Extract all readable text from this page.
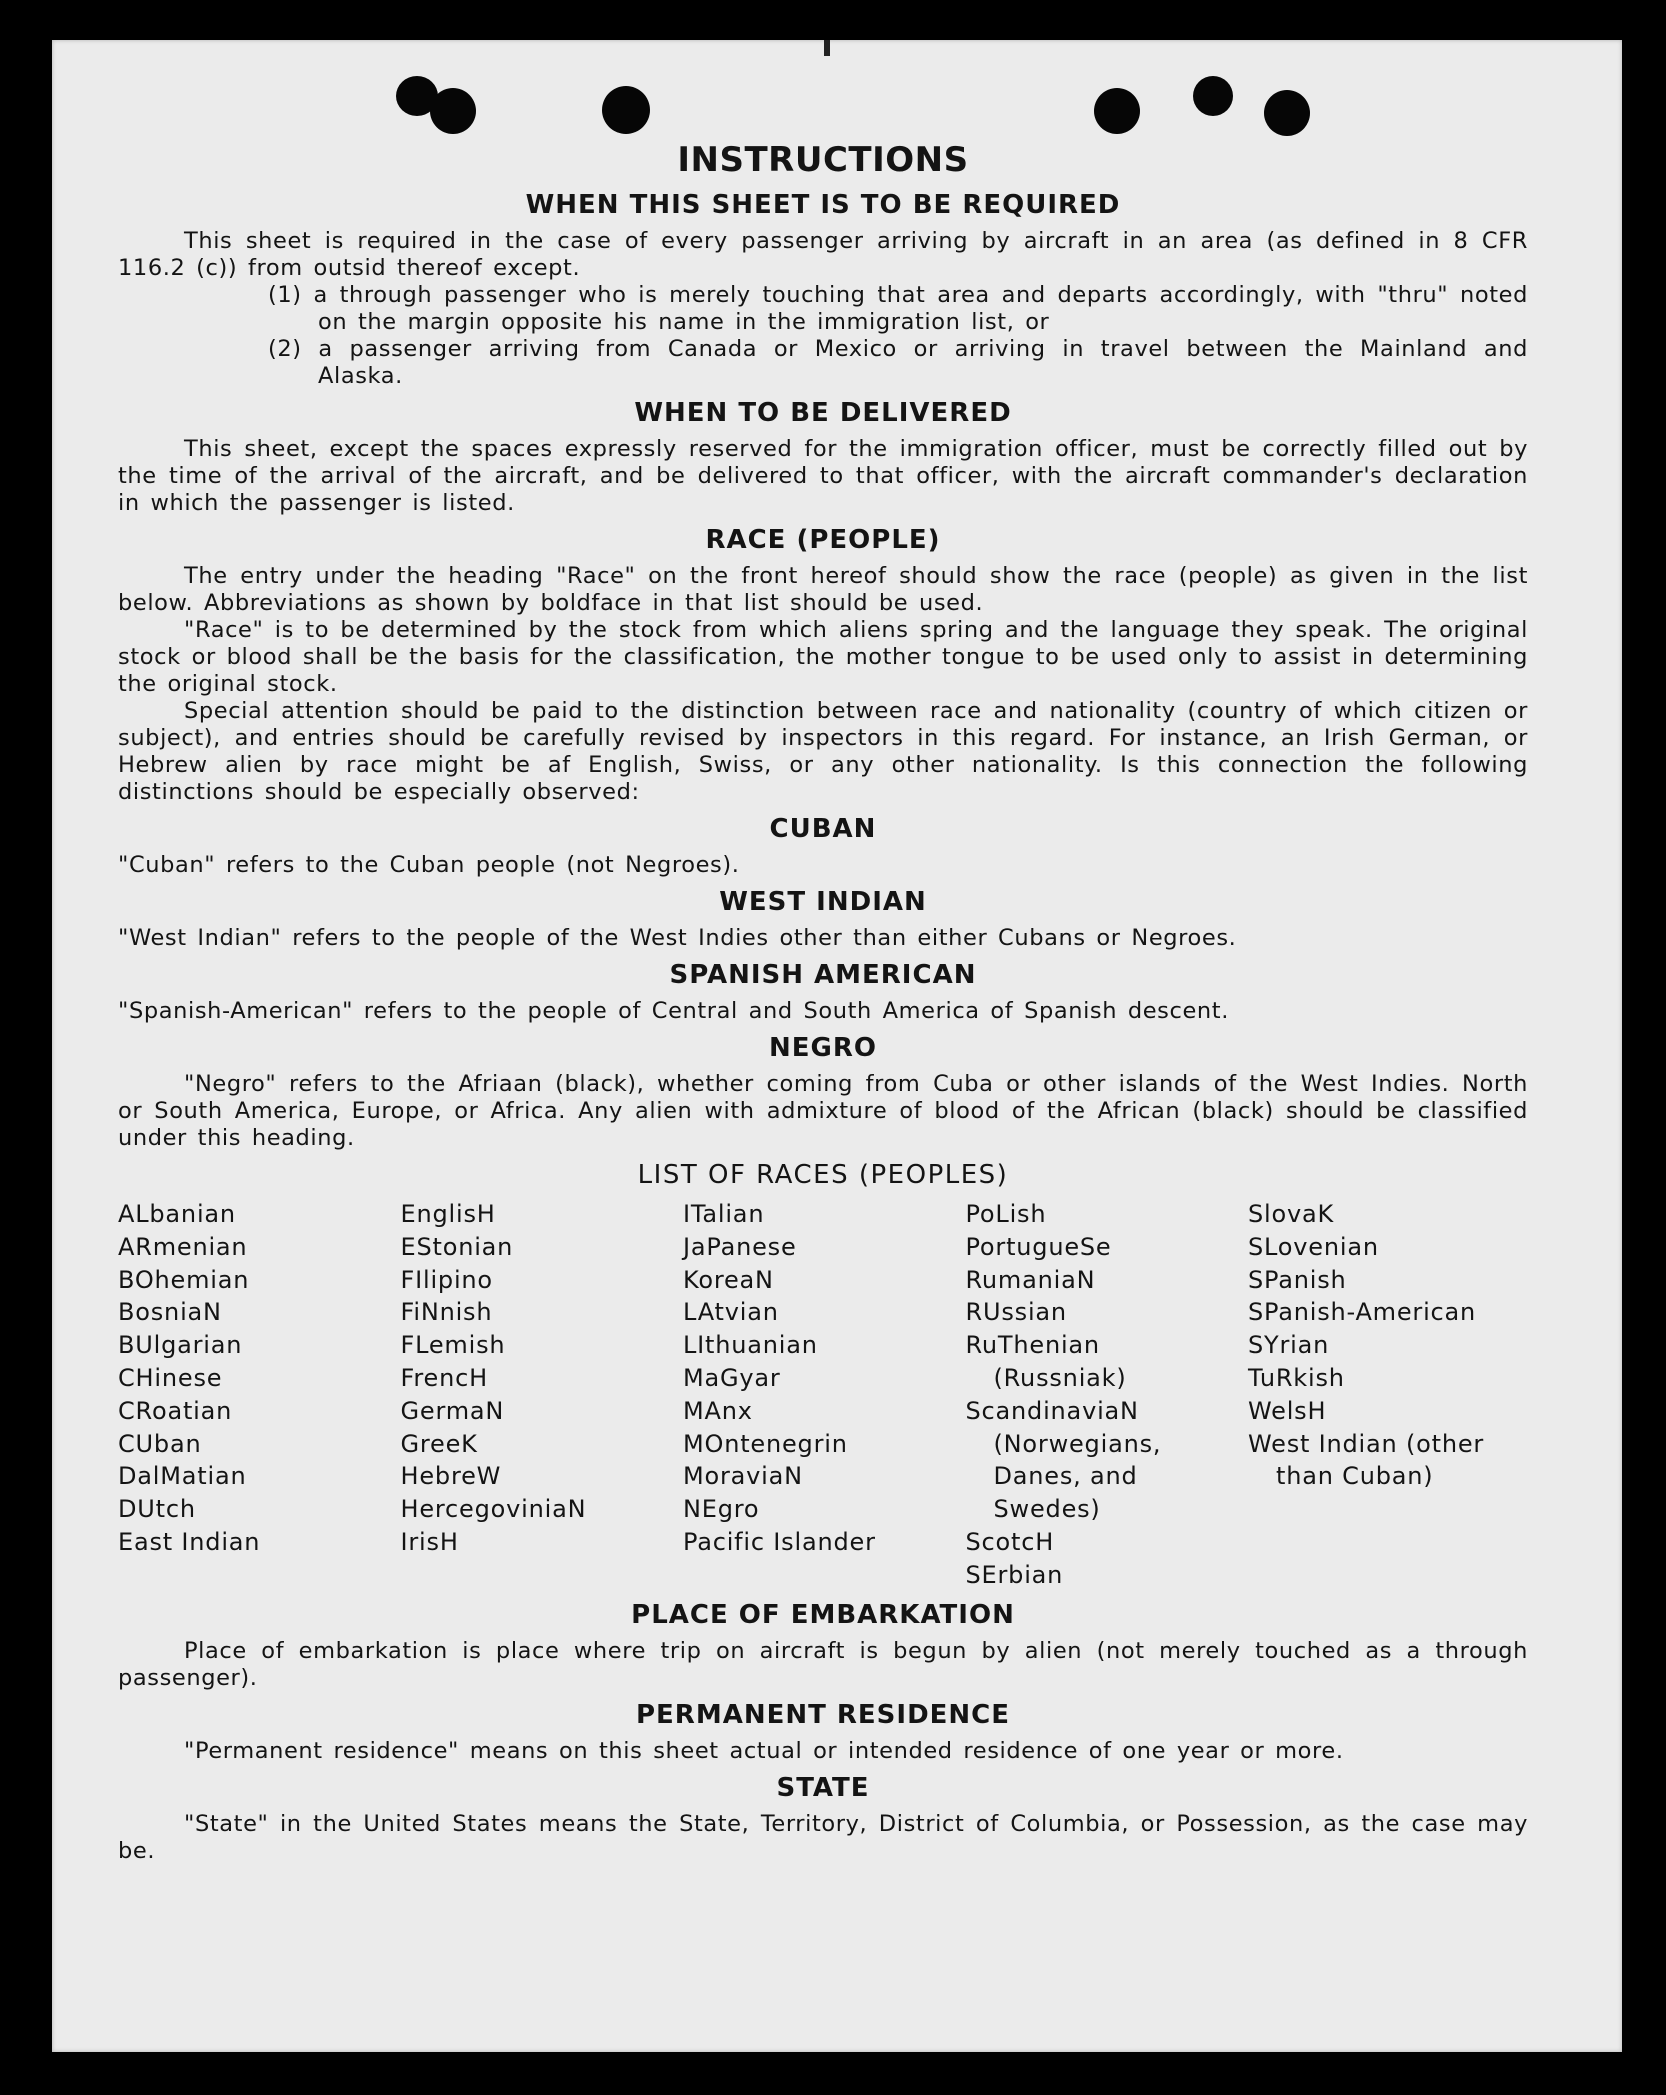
INSTRUCTIONS
WHEN THIS SHEET IS TO BE REQUIRED

This sheet is required in the case of every passenger arriving by aircraft in an area (as defined in 8 CFR 116.2 (c)) from outsid thereof except.

(1) a through passenger who is merely touching that area and departs accordingly, with "thru" noted on the margin opposite his name in the immigration list, or

(2) a passenger arriving from Canada or Mexico or arriving in travel between the Mainland and Alaska.

WHEN TO BE DELIVERED

This sheet, except the spaces expressly reserved for the immigration officer, must be correctly filled out by the time of the arrival of the aircraft, and be delivered to that officer, with the aircraft commander's declaration in which the passenger is listed.

RACE (PEOPLE)

The entry under the heading "Race" on the front hereof should show the race (people) as given in the list below. Abbreviations as shown by boldface in that list should be used.

"Race" is to be determined by the stock from which aliens spring and the language they speak. The original stock or blood shall be the basis for the classification, the mother tongue to be used only to assist in determining the original stock.

Special attention should be paid to the distinction between race and nationality (country of which citizen or subject), and entries should be carefully revised by inspectors in this regard. For instance, an Irish German, or Hebrew alien by race might be af English, Swiss, or any other nationality. Is this connection the following distinctions should be especially observed:

CUBAN

"Cuban" refers to the Cuban people (not Negroes).

WEST INDIAN

"West Indian" refers to the people of the West Indies other than either Cubans or Negroes.

SPANISH AMERICAN

"Spanish-American" refers to the people of Central and South America of Spanish descent.

NEGRO

"Negro" refers to the Afriaan (black), whether coming from Cuba or other islands of the West Indies. North or South America, Europe, or Africa. Any alien with admixture of blood of the African (black) should be classified under this heading.

LIST OF RACES (PEOPLES)
ALbanian
ARmenian
BOhemian
BosniaN
BUlgarian
CHinese
CRoatian
CUban
DalMatian
DUtch
East Indian
EnglisH
EStonian
FIlipino
FiNnish
FLemish
FrencH
GermaN
GreeK
HebreW
HercegoviniaN
IrisH
ITalian
JaPanese
KoreaN
LAtvian
LIthuanian
MaGyar
MAnx
MOntenegrin
MoraviaN
NEgro
Pacific Islander
PoLish
PortugueSe
RumaniaN
RUssian
RuThenian (Russniak)
ScandinaviaN (Norwegians, Danes, and Swedes)
ScotcH
SErbian
SlovaK
SLovenian
SPanish
SPanish-American
SYrian
TuRkish
WelsH
West Indian (other than Cuban)
PLACE OF EMBARKATION

Place of embarkation is place where trip on aircraft is begun by alien (not merely touched as a through passenger).

PERMANENT RESIDENCE

"Permanent residence" means on this sheet actual or intended residence of one year or more.

STATE

"State" in the United States means the State, Territory, District of Columbia, or Possession, as the case may be.
